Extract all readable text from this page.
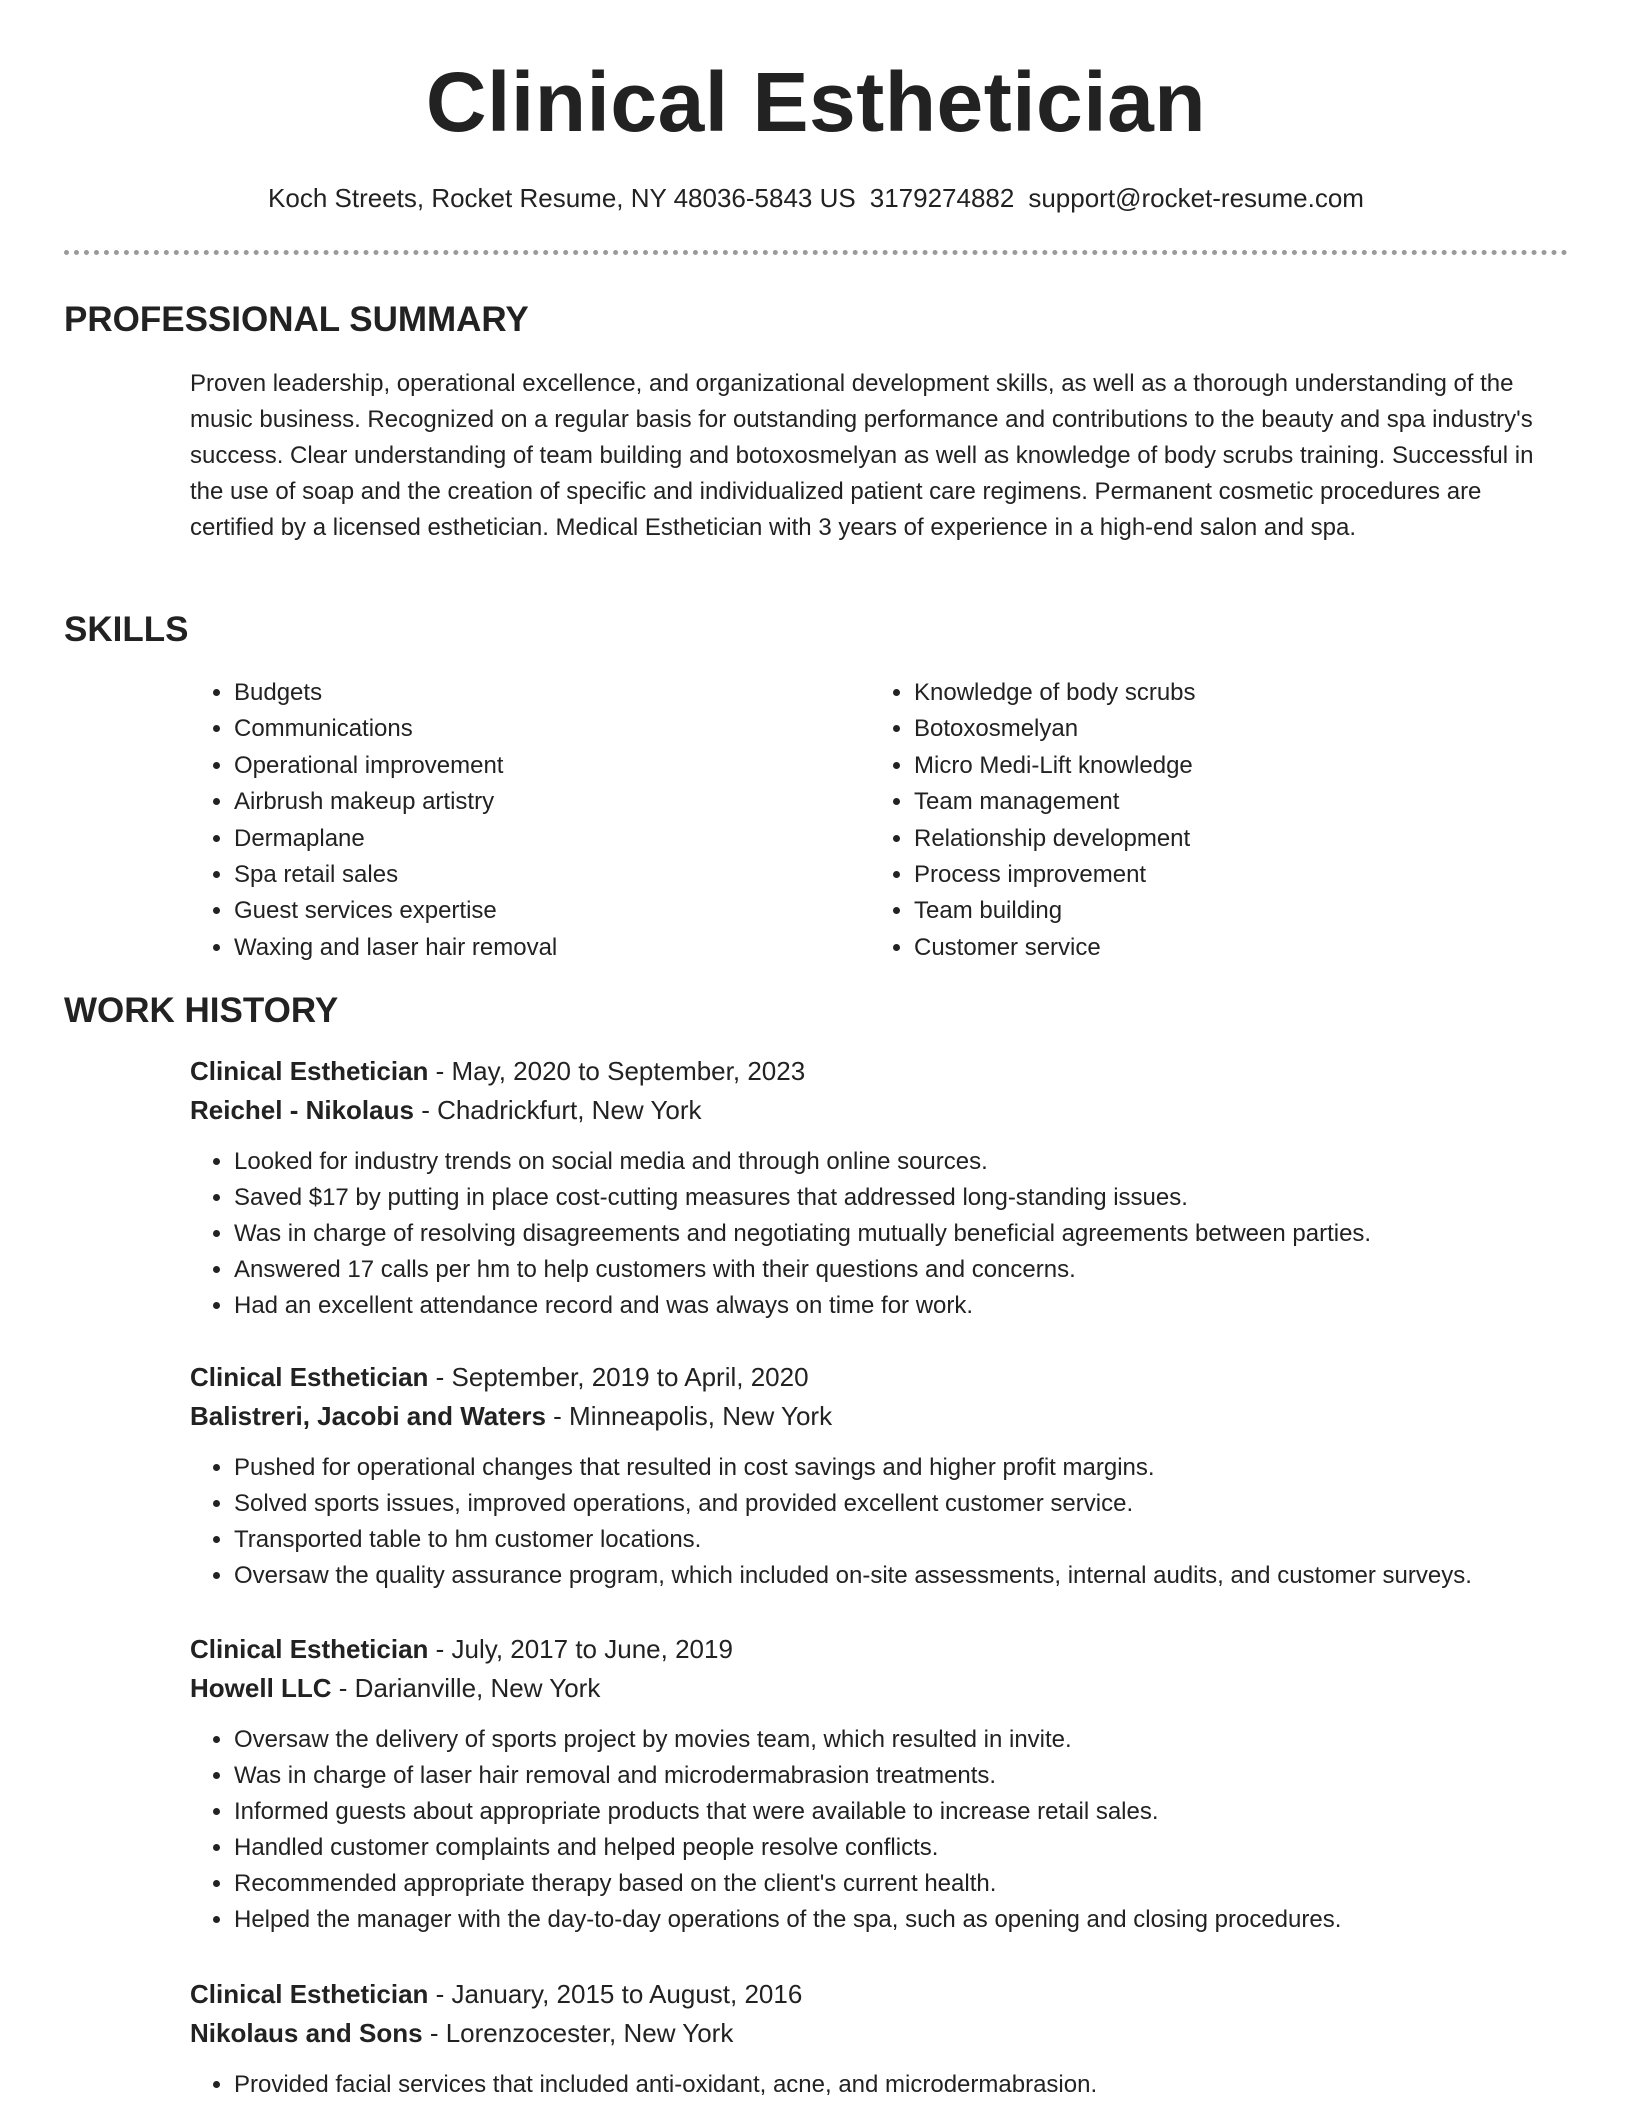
Clinical Esthetician
Koch Streets, Rocket Resume, NY 48036-5843 US 3179274882 support@rocket-resume.com
PROFESSIONAL SUMMARY

Proven leadership, operational excellence, and organizational development skills, as well as a thorough understanding of the music business. Recognized on a regular basis for outstanding performance and contributions to the beauty and spa industry's success. Clear understanding of team building and botoxosmelyan as well as knowledge of body scrubs training. Successful in the use of soap and the creation of specific and individualized patient care regimens. Permanent cosmetic procedures are certified by a licensed esthetician. Medical Esthetician with 3 years of experience in a high-end salon and spa.

SKILLS
• Budgets
• Communications
• Operational improvement
• Airbrush makeup artistry
• Dermaplane
• Spa retail sales
• Guest services expertise
• Waxing and laser hair removal
• Knowledge of body scrubs
• Botoxosmelyan
• Micro Medi-Lift knowledge
• Team management
• Relationship development
• Process improvement
• Team building
• Customer service
WORK HISTORY

Clinical Esthetician - May, 2020 to September, 2023

Reichel - Nikolaus - Chadrickfurt, New York

• Looked for industry trends on social media and through online sources.
• Saved $17 by putting in place cost-cutting measures that addressed long-standing issues.
• Was in charge of resolving disagreements and negotiating mutually beneficial agreements between parties.
• Answered 17 calls per hm to help customers with their questions and concerns.
• Had an excellent attendance record and was always on time for work.

Clinical Esthetician - September, 2019 to April, 2020

Balistreri, Jacobi and Waters - Minneapolis, New York

• Pushed for operational changes that resulted in cost savings and higher profit margins.
• Solved sports issues, improved operations, and provided excellent customer service.
• Transported table to hm customer locations.
• Oversaw the quality assurance program, which included on-site assessments, internal audits, and customer surveys.

Clinical Esthetician - July, 2017 to June, 2019

Howell LLC - Darianville, New York

• Oversaw the delivery of sports project by movies team, which resulted in invite.
• Was in charge of laser hair removal and microdermabrasion treatments.
• Informed guests about appropriate products that were available to increase retail sales.
• Handled customer complaints and helped people resolve conflicts.
• Recommended appropriate therapy based on the client's current health.
• Helped the manager with the day-to-day operations of the spa, such as opening and closing procedures.

Clinical Esthetician - January, 2015 to August, 2016

Nikolaus and Sons - Lorenzocester, New York

• Provided facial services that included anti-oxidant, acne, and microdermabrasion.
